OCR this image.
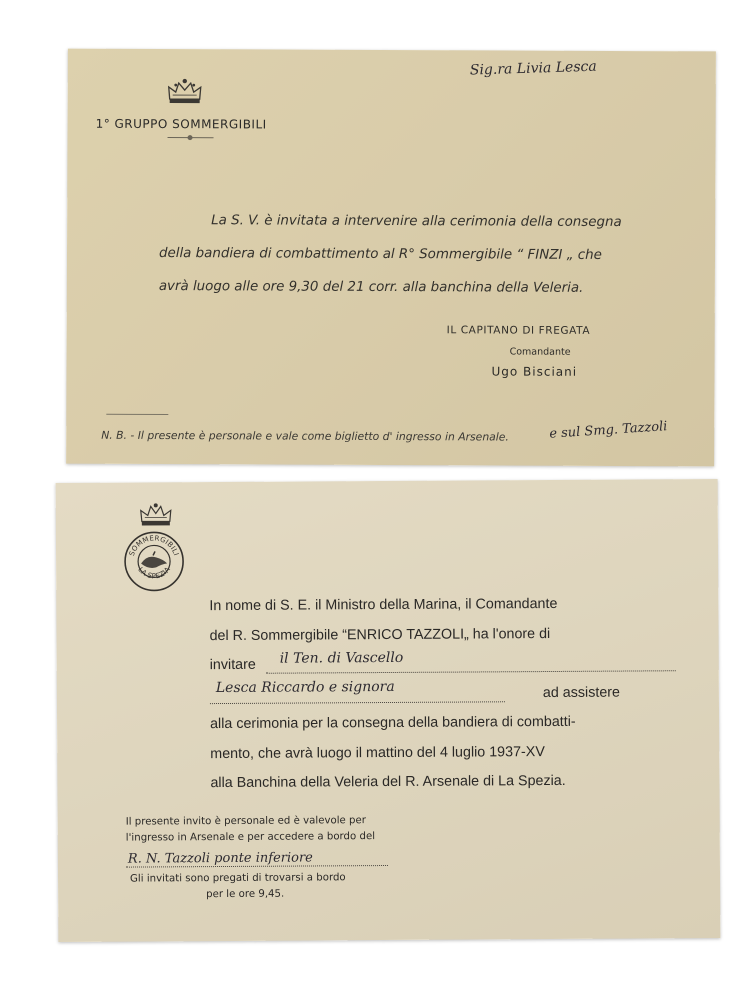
Sig.ra Livia Lesca
1° GRUPPO SOMMERGIBILI

La S. V. è invitata a intervenire alla cerimonia della consegna

della bandiera di combattimento al R° Sommergibile “ FINZI „ che

avrà luogo alle ore 9,30 del 21 corr. alla banchina della Veleria.

IL CAPITANO DI FREGATA
Comandante
Ugo Bisciani
N. B. - Il presente è personale e vale come biglietto d' ingresso in Arsenale.	e sul Smg. Tazzoli
SOMMERGIBILI
LA SPEZIA
In nome di S. E. il Ministro della Marina, il Comandante
del R. Sommergibile “ENRICO TAZZOLI„ ha l'onore di
invitare il Ten. di Vascello
Lesca Riccardo e signora	ad assistere
alla cerimonia per la consegna della bandiera di combatti-
mento, che avrà luogo il mattino del 4 luglio 1937-XV
alla Banchina della Veleria del R. Arsenale di La Spezia.
Il presente invito è personale ed è valevole per
l'ingresso in Arsenale e per accedere a bordo del
R. N. Tazzoli ponte inferiore
Gli invitati sono pregati di trovarsi a bordo
per le ore 9,45.
